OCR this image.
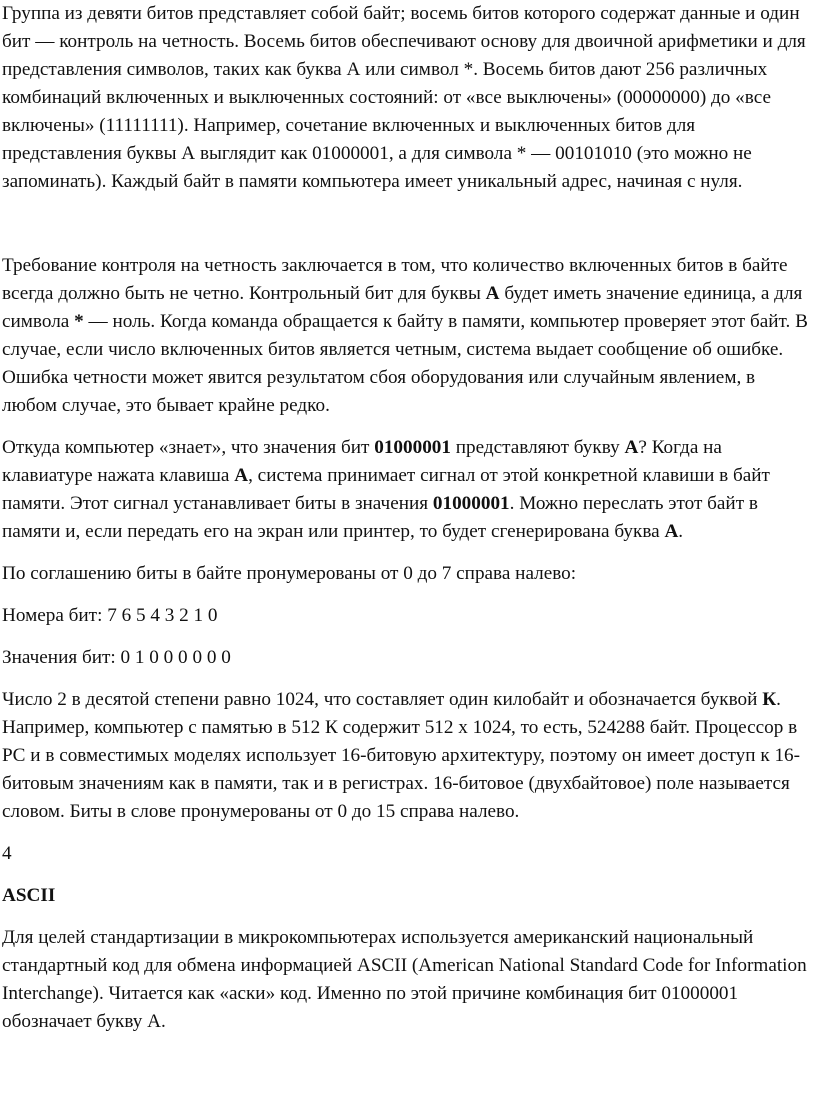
Группа из девяти битов представляет собой байт; восемь битов которого содержат данные и один бит — контроль на четность. Восемь битов обеспечивают основу для двоичной арифметики и для представления символов, таких как буква А или символ *. Восемь битов дают 256 различных комбинаций включенных и выключенных состояний: от «все выключены» (00000000) до «все включены» (11111111). Например, сочетание включенных и выключенных битов для представления буквы А выглядит как 01000001, а для символа * — 00101010 (это можно не запоминать). Каждый байт в памяти компьютера имеет уникальный адрес, начиная с нуля.

Требование контроля на четность заключается в том, что количество включенных битов в байте всегда должно быть не четно. Контрольный бит для буквы А будет иметь значение единица, а для символа * — ноль. Когда команда обращается к байту в памяти, компьютер проверяет этот байт. В случае, если число включенных битов является четным, система выдает сообщение об ошибке. Ошибка четности может явится результатом сбоя оборудования или случайным явлением, в любом случае, это бывает крайне редко.

Откуда компьютер «знает», что значения бит 01000001 представляют букву А? Когда на клавиатуре нажата клавиша А, система принимает сигнал от этой конкретной клавиши в байт памяти. Этот сигнал устанавливает биты в значения 01000001. Можно переслать этот байт в памяти и, если передать его на экран или принтер, то будет сгенерирована буква А.

По соглашению биты в байте пронумерованы от 0 до 7 справа налево:

Номера бит: 7 6 5 4 3 2 1 0

Значения бит: 0 1 0 0 0 0 0 0

Число 2 в десятой степени равно 1024, что составляет один килобайт и обозначается буквой К. Например, компьютер с памятью в 512 К содержит 512 х 1024, то есть, 524288 байт. Процессор в PC и в совместимых моделях использует 16-битовую архитектуру, поэтому он имеет доступ к 16-битовым значениям как в памяти, так и в регистрах. 16-битовое (двухбайтовое) поле называется словом. Биты в слове пронумерованы от 0 до 15 справа налево.

4

ASCII

Для целей стандартизации в микрокомпьютерах используется американский национальный стандартный код для обмена информацией ASCII (American National Standard Code for Information Interchange). Читается как «аски» код. Именно по этой причине комбинация бит 01000001 обозначает букву А.
